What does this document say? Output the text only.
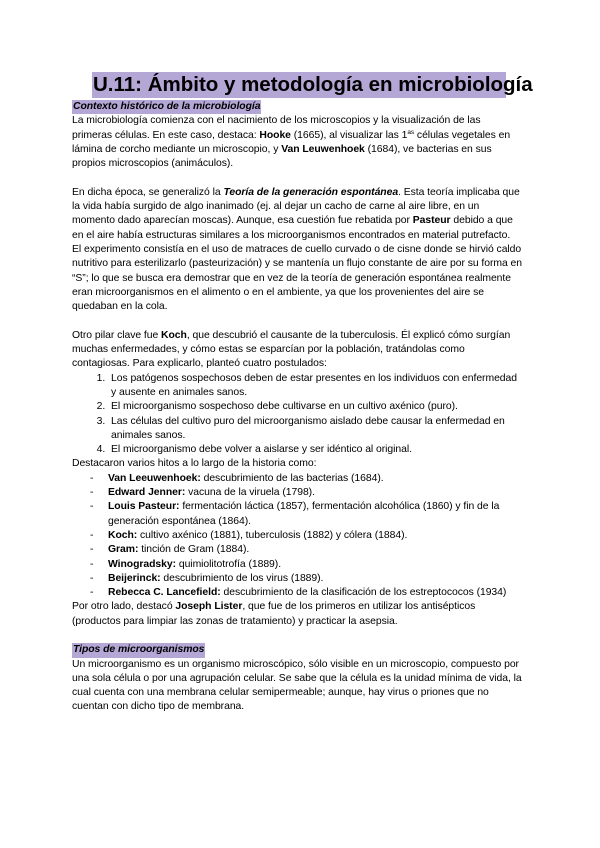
U.11: Ámbito y metodología en microbiología
Contexto histórico de la microbiología

La microbiología comienza con el nacimiento de los microscopios y la visualización de las primeras células. En este caso, destaca: Hooke (1665), al visualizar las $1^{as}$ células vegetales en lámina de corcho mediante un microscopio, y Van Leuwenhoek (1684), ve bacterias en sus propios microscopios (animáculos).

En dicha época, se generalizó la Teoría de la generación espontánea. Esta teoría implicaba que la vida había surgido de algo inanimado (ej. al dejar un cacho de carne al aire libre, en un momento dado aparecían moscas). Aunque, esa cuestión fue rebatida por Pasteur debido a que en el aire había estructuras similares a los microorganismos encontrados en material putrefacto. El experimento consistía en el uso de matraces de cuello curvado o de cisne donde se hirvió caldo nutritivo para esterilizarlo (pasteurización) y se mantenía un flujo constante de aire por su forma en “S”; lo que se busca era demostrar que en vez de la teoría de generación espontánea realmente eran microorganismos en el alimento o en el ambiente, ya que los provenientes del aire se quedaban en la cola.

Otro pilar clave fue Koch, que descubrió el causante de la tuberculosis. Él explicó cómo surgían muchas enfermedades, y cómo estas se esparcían por la población, tratándolas como contagiosas. Para explicarlo, planteó cuatro postulados:

1. Los patógenos sospechosos deben de estar presentes en los individuos con enfermedad y ausente en animales sanos.
2. El microorganismo sospechoso debe cultivarse en un cultivo axénico (puro).
3. Las células del cultivo puro del microorganismo aislado debe causar la enfermedad en animales sanos.
4. El microorganismo debe volver a aislarse y ser idéntico al original.

Destacaron varios hitos a lo largo de la historia como:

- Van Leeuwenhoek: descubrimiento de las bacterias (1684).
- Edward Jenner: vacuna de la viruela (1798).
- Louis Pasteur: fermentación láctica (1857), fermentación alcohólica (1860) y fin de la generación espontánea (1864).
- Koch: cultivo axénico (1881), tuberculosis (1882) y cólera (1884).
- Gram: tinción de Gram (1884).
- Winogradsky: quimiolitotrofía (1889).
- Beijerinck: descubrimiento de los virus (1889).
- Rebecca C. Lancefield: descubrimiento de la clasificación de los estreptococos (1934)

Por otro lado, destacó Joseph Lister, que fue de los primeros en utilizar los antisépticos (productos para limpiar las zonas de tratamiento) y practicar la asepsia.

Tipos de microorganismos

Un microorganismo es un organismo microscópico, sólo visible en un microscopio, compuesto por una sola célula o por una agrupación celular. Se sabe que la célula es la unidad mínima de vida, la cual cuenta con una membrana celular semipermeable; aunque, hay virus o priones que no cuentan con dicho tipo de membrana.
